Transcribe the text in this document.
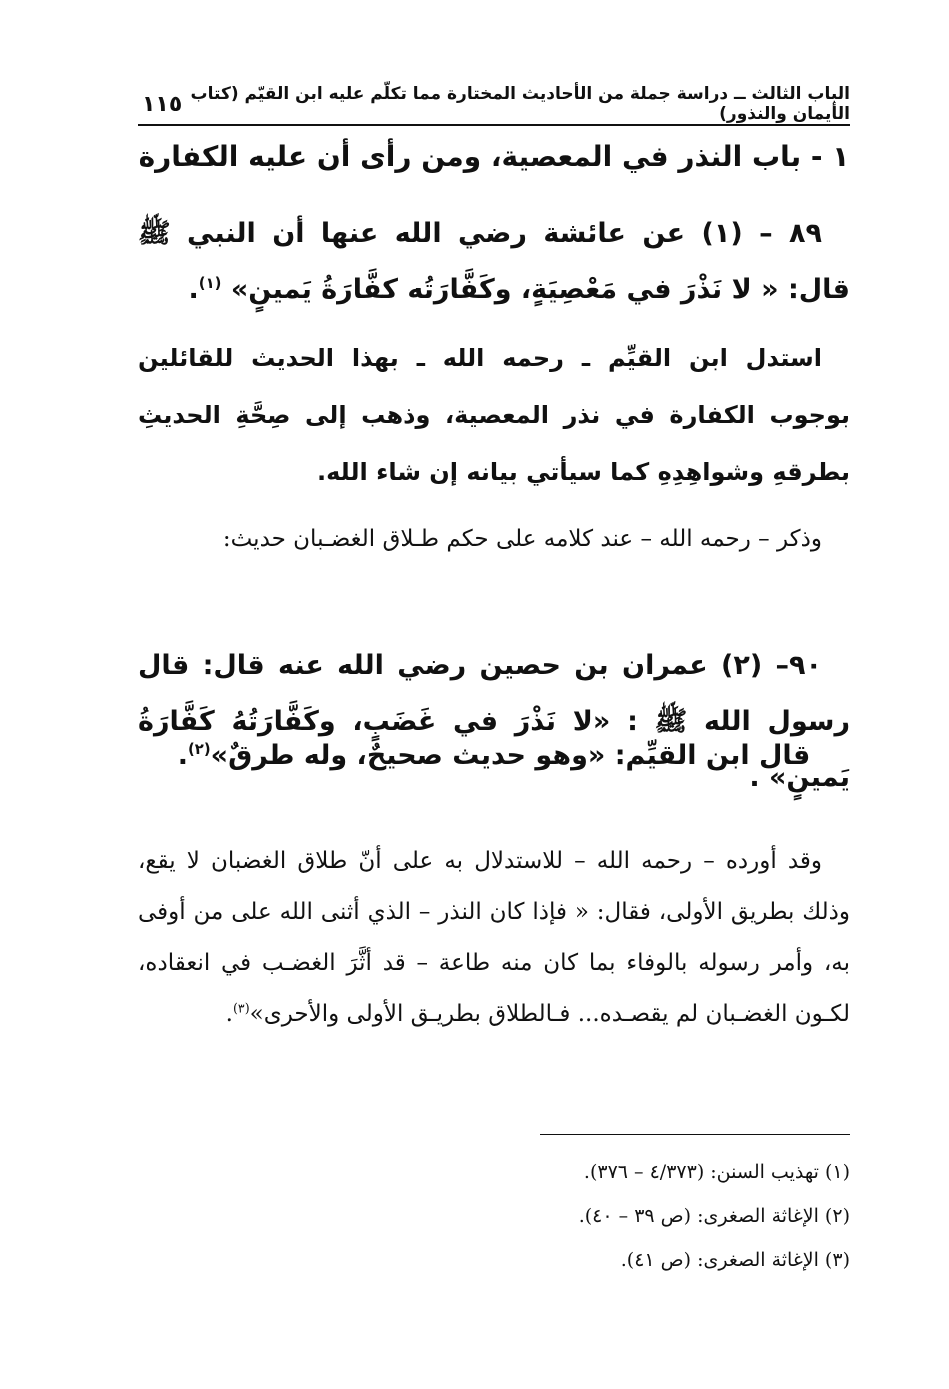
الباب الثالث ــ دراسة جملة من الأحاديث المختارة مما تكلّم عليه ابن القيّم (كتاب الأيمان والنذور)
١١٥
١ - باب النذر في المعصية، ومن رأى أن عليه الكفارة
٨٩ – (١) عن عائشة رضي الله عنها أن النبي ﷺ قال: « لا نَذْرَ في مَعْصِيَةٍ، وكَفَّارَتُه كفَّارَةُ يَمينٍ» $^{(١)}$.
استدل ابن القيِّم ـ رحمه الله ـ بهذا الحديث للقائلين بوجوب الكفارة في نذر المعصية، وذهب إلى صِحَّةِ الحديثِ بطرقهِ وشواهِدِهِ كما سيأتي بيانه إن شاء الله.
وذكر – رحمه الله – عند كلامه على حكم طـلاق الغضـبان حديث:
٩٠– (٢) عمران بن حصين رضي الله عنه قال: قال رسول الله ﷺ : «لا نَذْرَ في غَضَبٍ، وكَفَّارَتُهُ كَفَّارَةُ يَمينٍ» .
قال ابن القيِّم: «وهو حديث صحيحٌ، وله طرقٌ»$^{(٢)}$.
وقد أورده – رحمه الله – للاستدلال به على أنّ طلاق الغضبان لا يقع، وذلك بطريق الأولى، فقال: « فإذا كان النذر – الذي أثنى الله على من أوفى به، وأمر رسوله بالوفاء بما كان منه طاعة – قد أثَّرَ الغضـب في انعقاده، لكـون الغضـبان لم يقصـده... فـالطلاق بطريـق الأولى والأحرى»$^{(٣)}$.
(١) تهذيب السنن: (٤/٣٧٣ – ٣٧٦).
(٢) الإغاثة الصغرى: (ص ٣٩ – ٤٠).
(٣) الإغاثة الصغرى: (ص ٤١).
